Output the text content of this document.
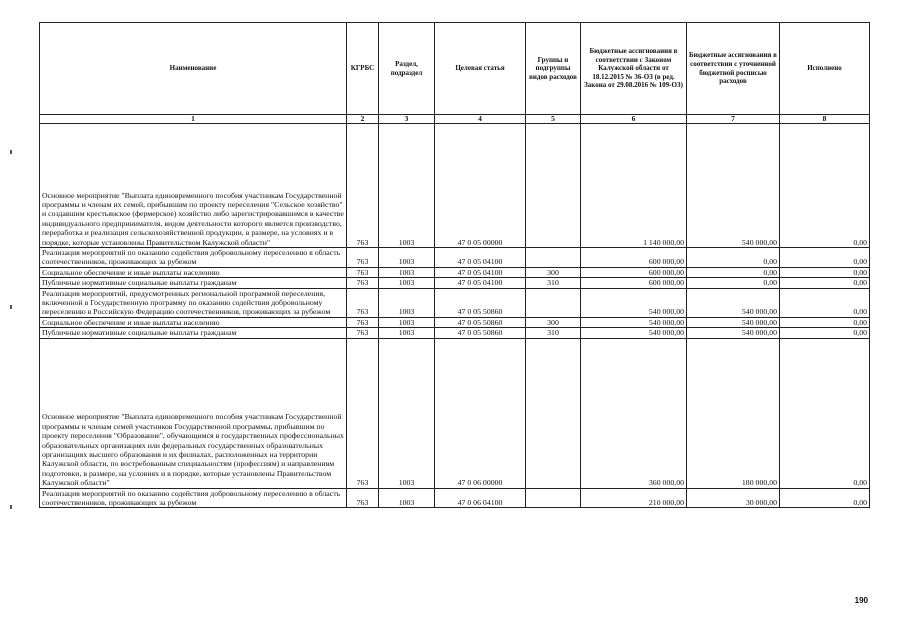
Наименование	КГРБС	Раздел, подраздел	Целевая статья	Группы и подгруппы видов расходов	Бюджетные ассигнования в соответствии с Законом Калужской области от 18.12.2015 № 36-ОЗ (в ред. Закона от 29.08.2016 № 109-ОЗ)	Бюджетные ассигнования в соответствии с уточненной бюджетной росписью расходов	Исполнено
1	2	3	4	5	6	7	8
Основное мероприятие "Выплата единовременного пособия участникам Государственной программы и членам их семей, прибывшим по проекту переселения "Сельское хозяйство" и создавшим крестьянское (фермерское) хозяйство либо зарегистрировавшимся в качестве индивидуального предпринимателя, видом деятельности которого является производство, переработка и реализация сельскохозяйственной продукции, в размере, на условиях и в порядке, которые установлены Правительством Калужской области"	763	1003	47 0 05 00000		1 140 000,00	540 000,00	0,00
Реализация мероприятий по оказанию содействия добровольному переселению в область соотечественников, проживающих за рубежом	763	1003	47 0 05 04100		600 000,00	0,00	0,00
Социальное обеспечение и иные выплаты населению	763	1003	47 0 05 04100	300	600 000,00	0,00	0,00
Публичные нормативные социальные выплаты гражданам	763	1003	47 0 05 04100	310	600 000,00	0,00	0,00
Реализация мероприятий, предусмотренных региональной программой переселения, включенной в Государственную программу по оказанию содействия добровольному переселению в Российскую Федерацию соотечественников, проживающих за рубежом	763	1003	47 0 05 50860		540 000,00	540 000,00	0,00
Социальное обеспечение и иные выплаты населению	763	1003	47 0 05 50860	300	540 000,00	540 000,00	0,00
Публичные нормативные социальные выплаты гражданам	763	1003	47 0 05 50860	310	540 000,00	540 000,00	0,00
Основное мероприятие "Выплата единовременного пособия участникам Государственной программы и членам семей участников Государственной программы, прибывшим по проекту переселения "Образование", обучающимся в государственных профессиональных образовательных организациях или федеральных государственных образовательных организациях высшего образования и их филиалах, расположенных на территории Калужской области, по востребованным специальностям (профессиям) и направлениям подготовки, в размере, на условиях и в порядке, которые установлены Правительством Калужской области"	763	1003	47 0 06 00000		360 000,00	180 000,00	0,00
Реализация мероприятий по оказанию содействия добровольному переселению в область соотечественников, проживающих за рубежом	763	1003	47 0 06 04100		210 000,00	30 000,00	0,00
190
